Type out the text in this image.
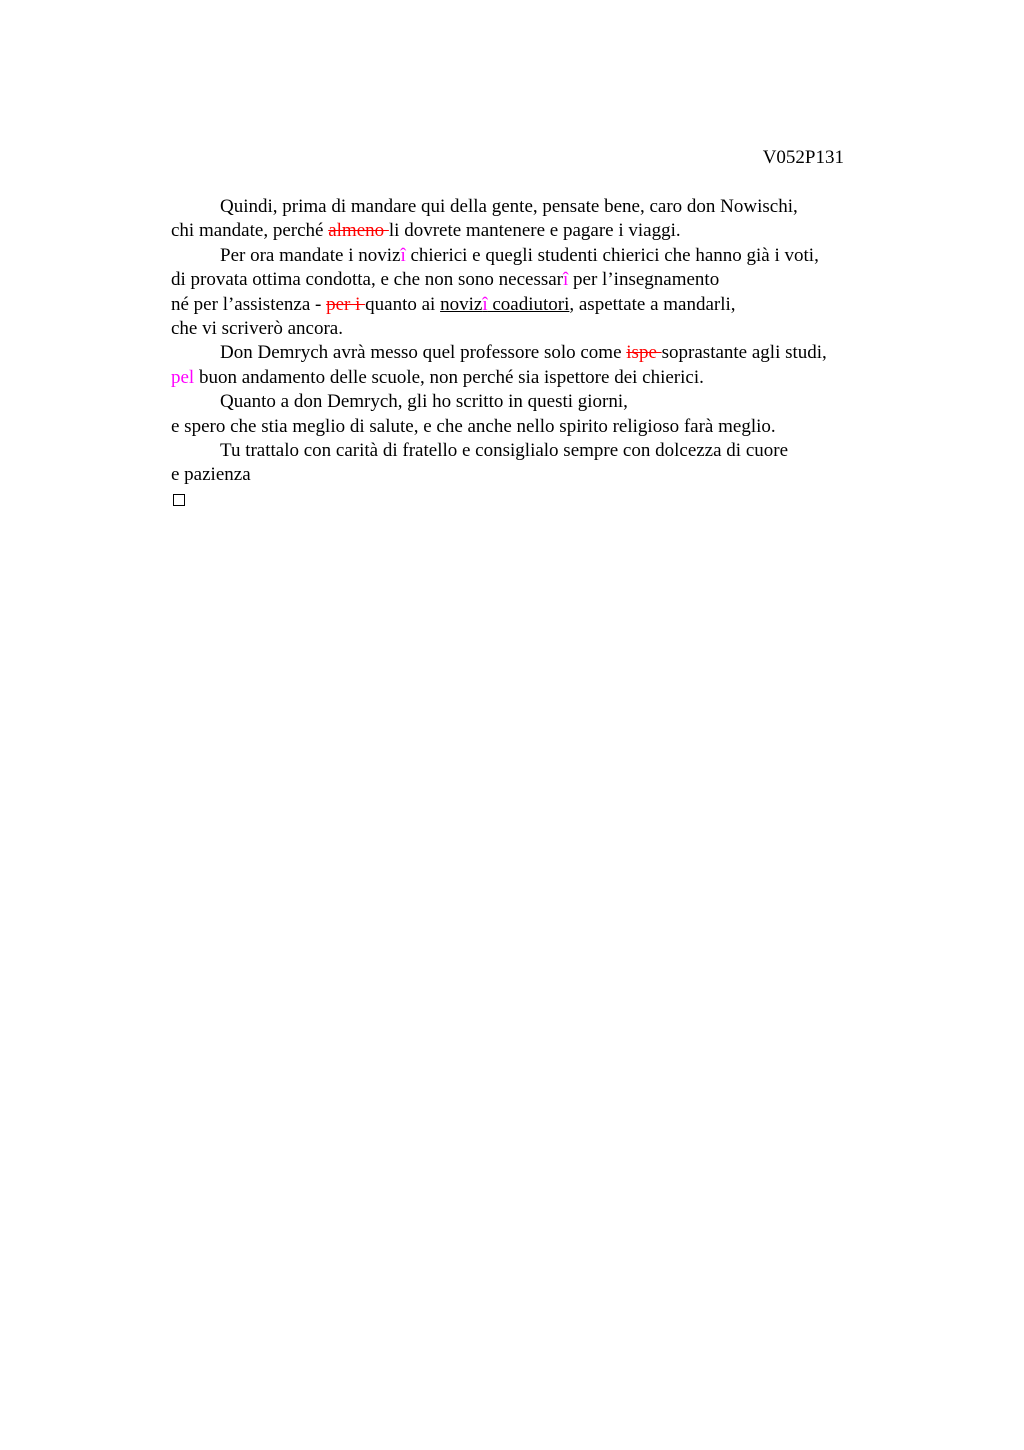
V052P131
Quindi, prima di mandare qui della gente, pensate bene, caro don Nowischi,
chi mandate, perché almeno li dovrete mantenere e pagare i viaggi.
Per ora mandate i novizî chierici e quegli studenti chierici che hanno già i voti,
di provata ottima condotta, e che non sono necessarî per l’insegnamento
né per l’assistenza - per i quanto ai novizî coadiutori, aspettate a mandarli,
che vi scriverò ancora.
Don Demrych avrà messo quel professore solo come ispe soprastante agli studi,
pel buon andamento delle scuole, non perché sia ispettore dei chierici.
Quanto a don Demrych, gli ho scritto in questi giorni,
e spero che stia meglio di salute, e che anche nello spirito religioso farà meglio.
Tu trattalo con carità di fratello e consiglialo sempre con dolcezza di cuore
e pazienza
